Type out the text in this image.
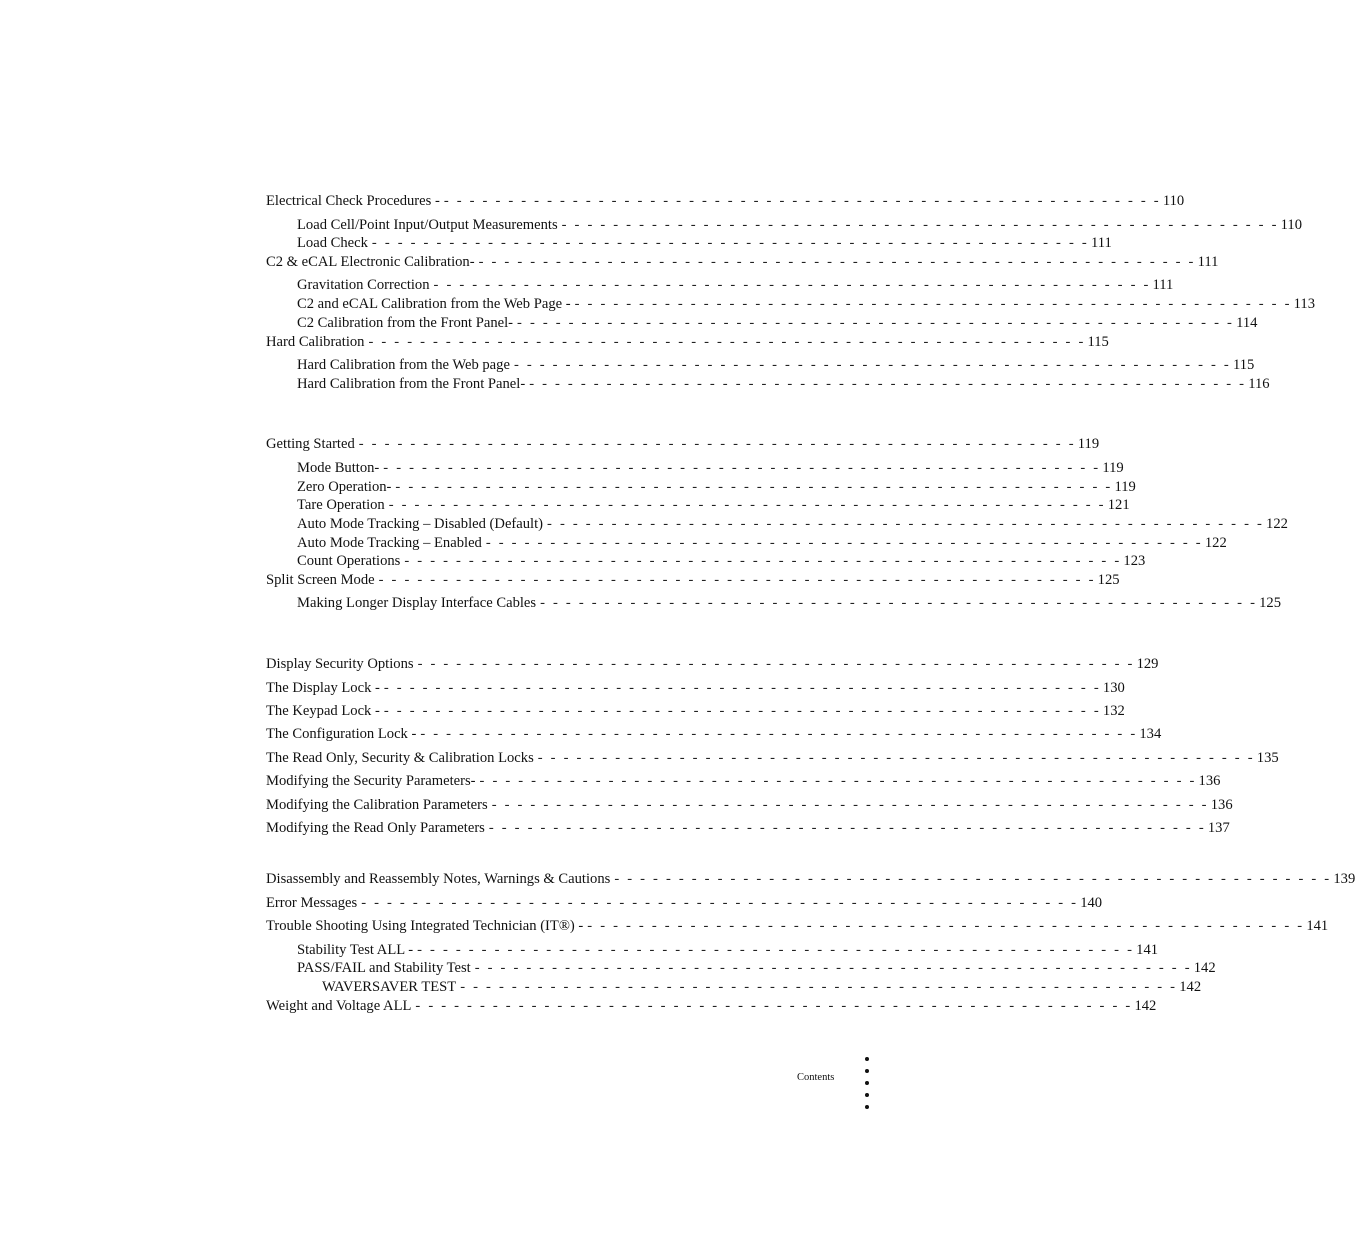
Electrical Check Procedures - - - - - - - - - - - - - - - - - - - - - - - - - - - - - - - - - - - - - - - - - - - - - - - - - - - - - - - - - 110
Load Cell/Point Input/Output Measurements - - - - - - - - - - - - - - - - - - - - - - - - - - - - - - - - - - - - - - - - - - - - - - - - - - - - - - - - 110
Load Check - - - - - - - - - - - - - - - - - - - - - - - - - - - - - - - - - - - - - - - - - - - - - - - - - - - - - - - - 111
C2 & eCAL Electronic Calibration- - - - - - - - - - - - - - - - - - - - - - - - - - - - - - - - - - - - - - - - - - - - - - - - - - - - - - - - - 111
Gravitation Correction - - - - - - - - - - - - - - - - - - - - - - - - - - - - - - - - - - - - - - - - - - - - - - - - - - - - - - - - 111
C2 and eCAL Calibration from the Web Page - - - - - - - - - - - - - - - - - - - - - - - - - - - - - - - - - - - - - - - - - - - - - - - - - - - - - - - - - 113
C2 Calibration from the Front Panel- - - - - - - - - - - - - - - - - - - - - - - - - - - - - - - - - - - - - - - - - - - - - - - - - - - - - - - - - 114
Hard Calibration - - - - - - - - - - - - - - - - - - - - - - - - - - - - - - - - - - - - - - - - - - - - - - - - - - - - - - - - 115
Hard Calibration from the Web page - - - - - - - - - - - - - - - - - - - - - - - - - - - - - - - - - - - - - - - - - - - - - - - - - - - - - - - - 115
Hard Calibration from the Front Panel- - - - - - - - - - - - - - - - - - - - - - - - - - - - - - - - - - - - - - - - - - - - - - - - - - - - - - - - - 116
Getting Started - - - - - - - - - - - - - - - - - - - - - - - - - - - - - - - - - - - - - - - - - - - - - - - - - - - - - - - - 119
Mode Button- - - - - - - - - - - - - - - - - - - - - - - - - - - - - - - - - - - - - - - - - - - - - - - - - - - - - - - - - 119
Zero Operation- - - - - - - - - - - - - - - - - - - - - - - - - - - - - - - - - - - - - - - - - - - - - - - - - - - - - - - - - 119
Tare Operation - - - - - - - - - - - - - - - - - - - - - - - - - - - - - - - - - - - - - - - - - - - - - - - - - - - - - - - - 121
Auto Mode Tracking – Disabled (Default) - - - - - - - - - - - - - - - - - - - - - - - - - - - - - - - - - - - - - - - - - - - - - - - - - - - - - - - - 122
Auto Mode Tracking – Enabled - - - - - - - - - - - - - - - - - - - - - - - - - - - - - - - - - - - - - - - - - - - - - - - - - - - - - - - - 122
Count Operations - - - - - - - - - - - - - - - - - - - - - - - - - - - - - - - - - - - - - - - - - - - - - - - - - - - - - - - - 123
Split Screen Mode - - - - - - - - - - - - - - - - - - - - - - - - - - - - - - - - - - - - - - - - - - - - - - - - - - - - - - - - 125
Making Longer Display Interface Cables - - - - - - - - - - - - - - - - - - - - - - - - - - - - - - - - - - - - - - - - - - - - - - - - - - - - - - - - 125
Display Security Options - - - - - - - - - - - - - - - - - - - - - - - - - - - - - - - - - - - - - - - - - - - - - - - - - - - - - - - - 129
The Display Lock - - - - - - - - - - - - - - - - - - - - - - - - - - - - - - - - - - - - - - - - - - - - - - - - - - - - - - - - - 130
The Keypad Lock - - - - - - - - - - - - - - - - - - - - - - - - - - - - - - - - - - - - - - - - - - - - - - - - - - - - - - - - - 132
The Configuration Lock - - - - - - - - - - - - - - - - - - - - - - - - - - - - - - - - - - - - - - - - - - - - - - - - - - - - - - - - - 134
The Read Only, Security & Calibration Locks - - - - - - - - - - - - - - - - - - - - - - - - - - - - - - - - - - - - - - - - - - - - - - - - - - - - - - - - 135
Modifying the Security Parameters- - - - - - - - - - - - - - - - - - - - - - - - - - - - - - - - - - - - - - - - - - - - - - - - - - - - - - - - - 136
Modifying the Calibration Parameters - - - - - - - - - - - - - - - - - - - - - - - - - - - - - - - - - - - - - - - - - - - - - - - - - - - - - - - - 136
Modifying the Read Only Parameters - - - - - - - - - - - - - - - - - - - - - - - - - - - - - - - - - - - - - - - - - - - - - - - - - - - - - - - - 137
Disassembly and Reassembly Notes, Warnings & Cautions - - - - - - - - - - - - - - - - - - - - - - - - - - - - - - - - - - - - - - - - - - - - - - - - - - - - - - - - 139
Error Messages - - - - - - - - - - - - - - - - - - - - - - - - - - - - - - - - - - - - - - - - - - - - - - - - - - - - - - - - 140
Trouble Shooting Using Integrated Technician (IT®) - - - - - - - - - - - - - - - - - - - - - - - - - - - - - - - - - - - - - - - - - - - - - - - - - - - - - - - - - 141
Stability Test ALL - - - - - - - - - - - - - - - - - - - - - - - - - - - - - - - - - - - - - - - - - - - - - - - - - - - - - - - - - 141
PASS/FAIL and Stability Test - - - - - - - - - - - - - - - - - - - - - - - - - - - - - - - - - - - - - - - - - - - - - - - - - - - - - - - - 142
WAVERSAVER TEST - - - - - - - - - - - - - - - - - - - - - - - - - - - - - - - - - - - - - - - - - - - - - - - - - - - - - - - - 142
Weight and Voltage ALL - - - - - - - - - - - - - - - - - - - - - - - - - - - - - - - - - - - - - - - - - - - - - - - - - - - - - - - - 142
Contents
